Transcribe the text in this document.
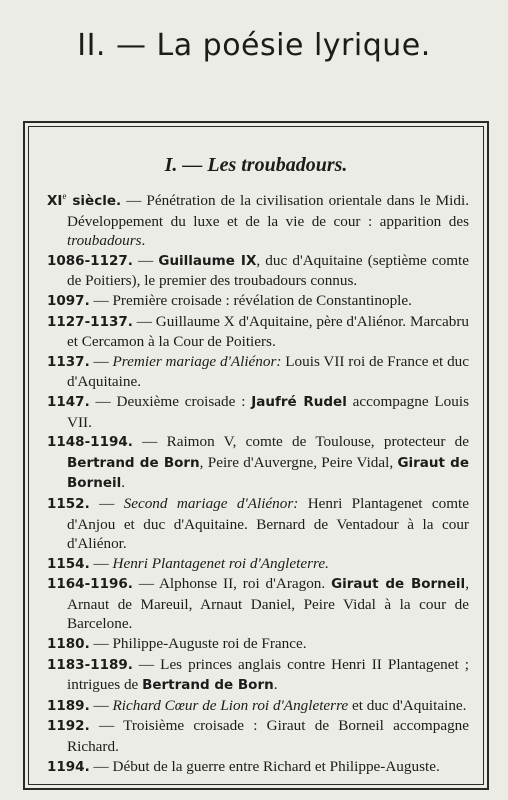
II. — La poésie lyrique.
I. — Les troubadours.

XIe siècle. — Pénétration de la civilisation orientale dans le Midi. Développement du luxe et de la vie de cour : apparition des troubadours.

1086-1127. — Guillaume IX, duc d'Aquitaine (septième comte de Poitiers), le premier des troubadours connus.

1097. — Première croisade : révélation de Constantinople.

1127-1137. — Guillaume X d'Aquitaine, père d'Aliénor. Marcabru et Cercamon à la Cour de Poitiers.

1137. — Premier mariage d'Aliénor: Louis VII roi de France et duc d'Aquitaine.

1147. — Deuxième croisade : Jaufré Rudel accompagne Louis VII.

1148-1194. — Raimon V, comte de Toulouse, protecteur de Bertrand de Born, Peire d'Auvergne, Peire Vidal, Giraut de Borneil.

1152. — Second mariage d'Aliénor: Henri Plantagenet comte d'Anjou et duc d'Aquitaine. Bernard de Ventadour à la cour d'Aliénor.

1154. — Henri Plantagenet roi d'Angleterre.

1164-1196. — Alphonse II, roi d'Aragon. Giraut de Borneil, Arnaut de Mareuil, Arnaut Daniel, Peire Vidal à la cour de Barcelone.

1180. — Philippe-Auguste roi de France.

1183-1189. — Les princes anglais contre Henri II Plantagenet ; intrigues de Bertrand de Born.

1189. — Richard Cœur de Lion roi d'Angleterre et duc d'Aquitaine.

1192. — Troisième croisade : Giraut de Borneil accompagne Richard.

1194. — Début de la guerre entre Richard et Philippe-Auguste.
